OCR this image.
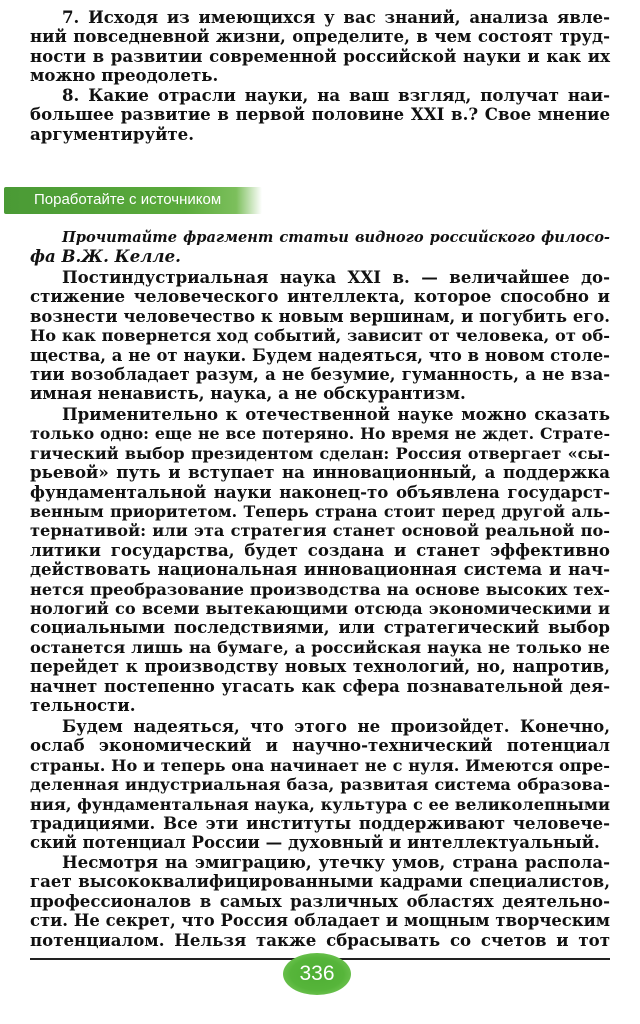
7. Исходя из имеющихся у вас знаний, анализа явле-
ний повседневной жизни, определите, в чем состоят труд-
ности в развитии современной российской науки и как их
можно преодолеть.
8. Какие отрасли науки, на ваш взгляд, получат наи-
большее развитие в первой половине XXI в.? Свое мнение
аргументируйте.
Поработайте с источником
Прочитайте фрагмент статьи видного российского филосо-
фа В.Ж. Келле.
Постиндустриальная наука XXI в. — величайшее до-
стижение человеческого интеллекта, которое способно и
вознести человечество к новым вершинам, и погубить его.
Но как повернется ход событий, зависит от человека, от об-
щества, а не от науки. Будем надеяться, что в новом столе-
тии возобладает разум, а не безумие, гуманность, а не вза-
имная ненависть, наука, а не обскурантизм.
Применительно к отечественной науке можно сказать
только одно: еще не все потеряно. Но время не ждет. Страте-
гический выбор президентом сделан: Россия отвергает «сы-
рьевой» путь и вступает на инновационный, а поддержка
фундаментальной науки наконец-то объявлена государст-
венным приоритетом. Теперь страна стоит перед другой аль-
тернативой: или эта стратегия станет основой реальной по-
литики государства, будет создана и станет эффективно
действовать национальная инновационная система и нач-
нется преобразование производства на основе высоких тех-
нологий со всеми вытекающими отсюда экономическими и
социальными последствиями, или стратегический выбор
останется лишь на бумаге, а российская наука не только не
перейдет к производству новых технологий, но, напротив,
начнет постепенно угасать как сфера познавательной дея-
тельности.
Будем надеяться, что этого не произойдет. Конечно,
ослаб экономический и научно-технический потенциал
страны. Но и теперь она начинает не с нуля. Имеются опре-
деленная индустриальная база, развитая система образова-
ния, фундаментальная наука, культура с ее великолепными
традициями. Все эти институты поддерживают человече-
ский потенциал России — духовный и интеллектуальный.
Несмотря на эмиграцию, утечку умов, страна распола-
гает высококвалифицированными кадрами специалистов,
профессионалов в самых различных областях деятельно-
сти. Не секрет, что Россия обладает и мощным творческим
потенциалом. Нельзя также сбрасывать со счетов и тот
336
